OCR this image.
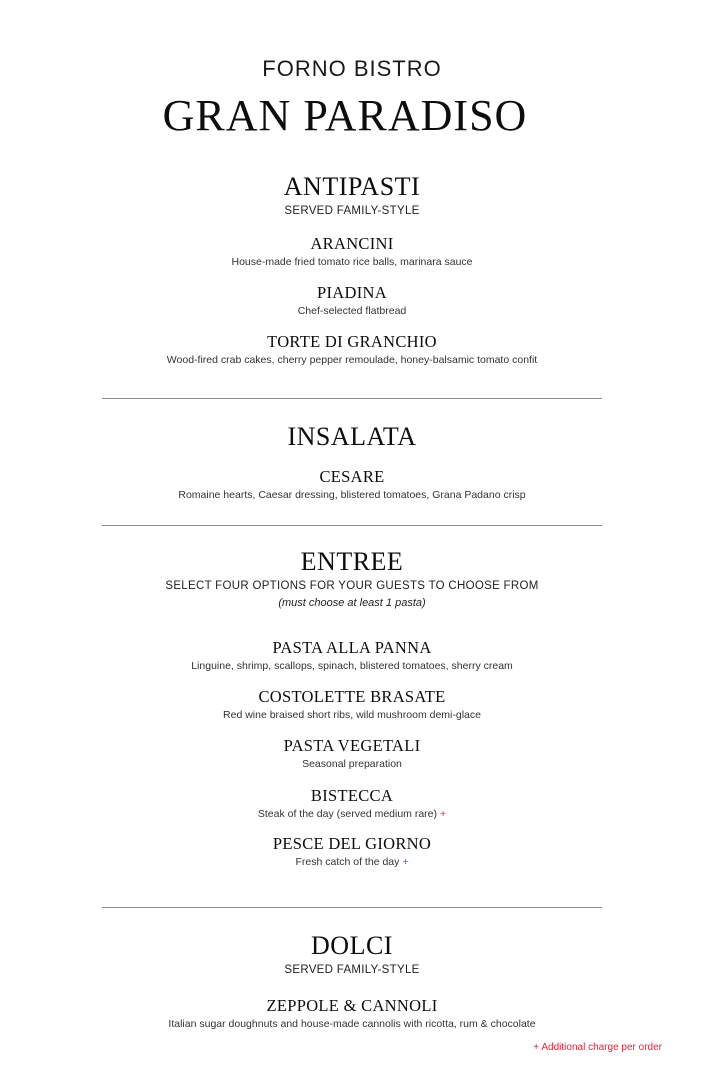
FORNO BISTRO
GRAN PARADISO
ANTIPASTI
SERVED FAMILY-STYLE
ARANCINI
House-made fried tomato rice balls, marinara sauce
PIADINA
Chef-selected flatbread
TORTE DI GRANCHIO
Wood-fired crab cakes, cherry pepper remoulade, honey-balsamic tomato confit
INSALATA
CESARE
Romaine hearts, Caesar dressing, blistered tomatoes, Grana Padano crisp
ENTREE
SELECT FOUR OPTIONS FOR YOUR GUESTS TO CHOOSE FROM
(must choose at least 1 pasta)
PASTA ALLA PANNA
Linguine, shrimp, scallops, spinach, blistered tomatoes, sherry cream
COSTOLETTE BRASATE
Red wine braised short ribs, wild mushroom demi-glace
PASTA VEGETALI
Seasonal preparation
BISTECCA
Steak of the day (served medium rare) +
PESCE DEL GIORNO
Fresh catch of the day +
DOLCI
SERVED FAMILY-STYLE
ZEPPOLE & CANNOLI
Italian sugar doughnuts and house-made cannolis with ricotta, rum & chocolate
+ Additional charge per order
